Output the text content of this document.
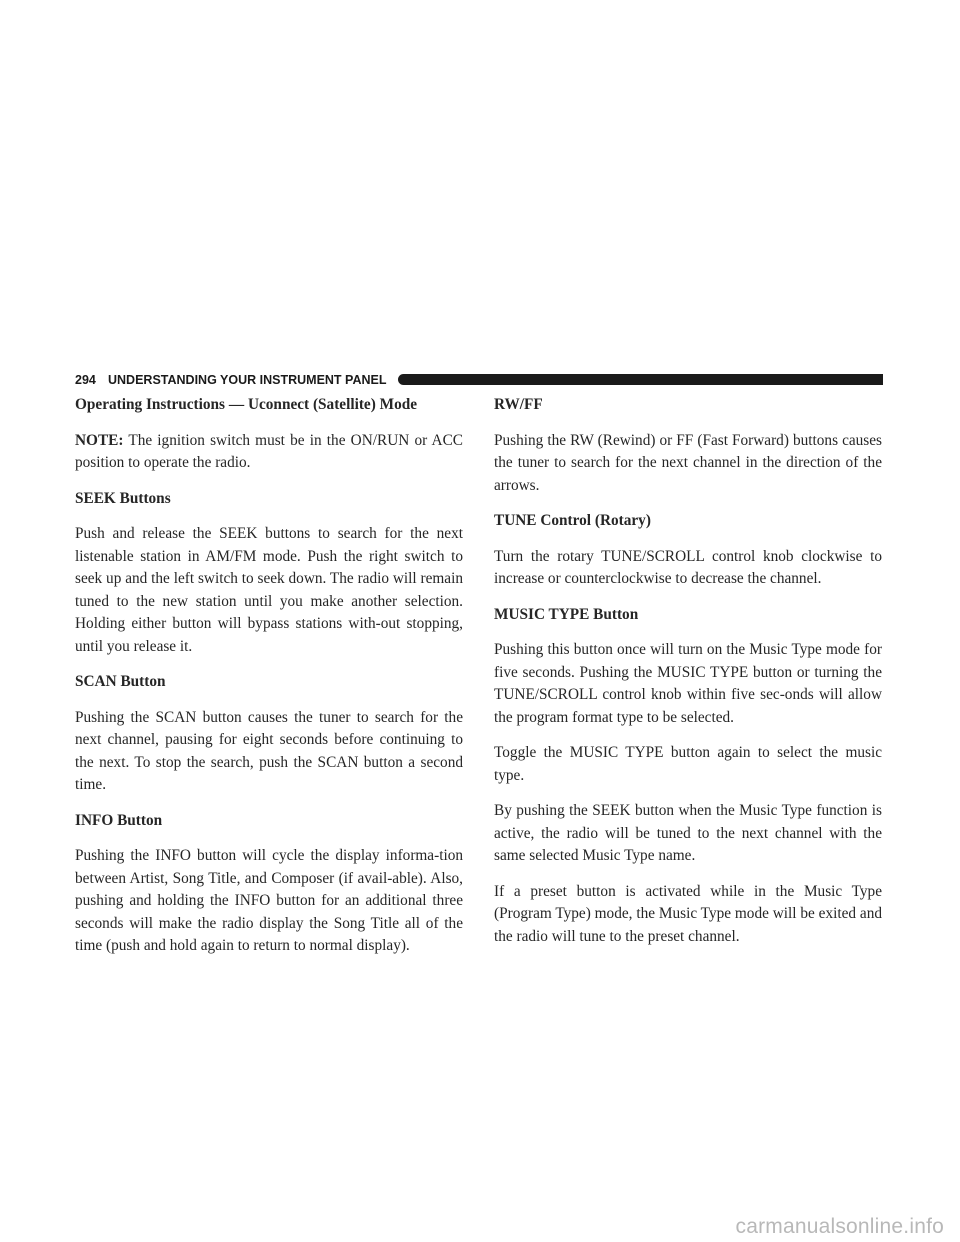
294 UNDERSTANDING YOUR INSTRUMENT PANEL
Operating Instructions — Uconnect (Satellite) Mode

NOTE: The ignition switch must be in the ON/RUN or ACC position to operate the radio.

SEEK Buttons

Push and release the SEEK buttons to search for the next listenable station in AM/FM mode. Push the right switch to seek up and the left switch to seek down. The radio will remain tuned to the new station until you make another selection. Holding either button will bypass stations with-out stopping, until you release it.

SCAN Button

Pushing the SCAN button causes the tuner to search for the next channel, pausing for eight seconds before continuing to the next. To stop the search, push the SCAN button a second time.

INFO Button

Pushing the INFO button will cycle the display informa-tion between Artist, Song Title, and Composer (if avail-able). Also, pushing and holding the INFO button for an additional three seconds will make the radio display the Song Title all of the time (push and hold again to return to normal display).

RW/FF

Pushing the RW (Rewind) or FF (Fast Forward) buttons causes the tuner to search for the next channel in the direction of the arrows.

TUNE Control (Rotary)

Turn the rotary TUNE/SCROLL control knob clockwise to increase or counterclockwise to decrease the channel.

MUSIC TYPE Button

Pushing this button once will turn on the Music Type mode for five seconds. Pushing the MUSIC TYPE button or turning the TUNE/SCROLL control knob within five sec-onds will allow the program format type to be selected.

Toggle the MUSIC TYPE button again to select the music type.

By pushing the SEEK button when the Music Type function is active, the radio will be tuned to the next channel with the same selected Music Type name.

If a preset button is activated while in the Music Type (Program Type) mode, the Music Type mode will be exited and the radio will tune to the preset channel.

carmanualsonline.info
